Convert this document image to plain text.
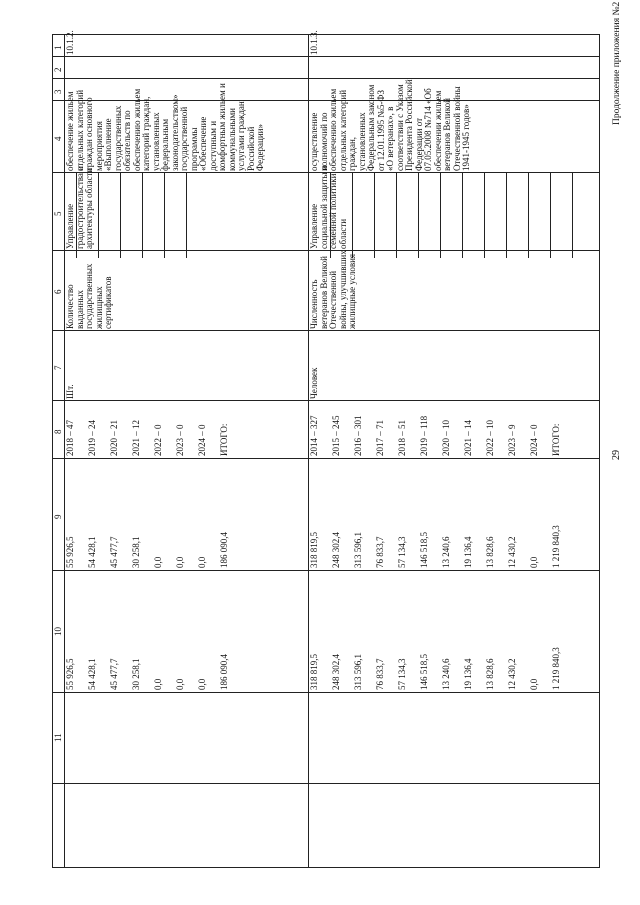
29
Продолжение приложения №2
1
2
3
4
5
6
7
8
9
10
11
10.1.2.
обеспечение жильем
отдельных категорий
граждан основного
мероприятия
«Выполнение
государственных
обязательств по
обеспечению жильем
категорий граждан,
установленных
федеральным
законодательством»
государственной
программы
«Обеспечение
доступным и
комфортным жильем и
коммунальными
услугами граждан
Российской
Федерации»
Управление
градостроительства и
архитектуры области
Количество
выданных
государственных
жилищных
сертификатов
Шт.
2018 – 47 2019 – 24 2020 – 21 2021 – 12 2022 – 0 2023 – 0 2024 – 0 ИТОГО:
55 926,5 54 428,1 45 477,7 30 258,1 0,0 0,0 0,0 186 090,4
55 926,5 54 428,1 45 477,7 30 258,1 0,0 0,0 0,0 186 090,4
10.1.3.
осуществление
полномочий по
обеспечению жильем
отдельных категорий
граждан,
установленных
Федеральным законом
от 12.01.1995 №5-ФЗ
«О ветеранах», в
соответствии с Указом
Президента Российской
Федерации от
07.05.2008 №714 «Об
обеспечении жильем
ветеранов Великой
Отечественной войны
1941-1945 годов»
Управление
социальной защиты и
семейной политики
области
Численность
ветеранов Великой
Отечественной
войны, улучшивших
жилищные условия
Человек
2014 – 327 2015 – 245 2016 – 301 2017 – 71 2018 – 51 2019 – 118 2020 – 10 2021 – 14 2022 – 10 2023 – 9 2024 – 0 ИТОГО:
318 819,5 248 302,4 313 596,1 76 833,7 57 134,3 146 518,5 13 240,6 19 136,4 13 828,6 12 430,2 0,0 1 219 840,3
318 819,5 248 302,4 313 596,1 76 833,7 57 134,3 146 518,5 13 240,6 19 136,4 13 828,6 12 430,2 0,0 1 219 840,3
